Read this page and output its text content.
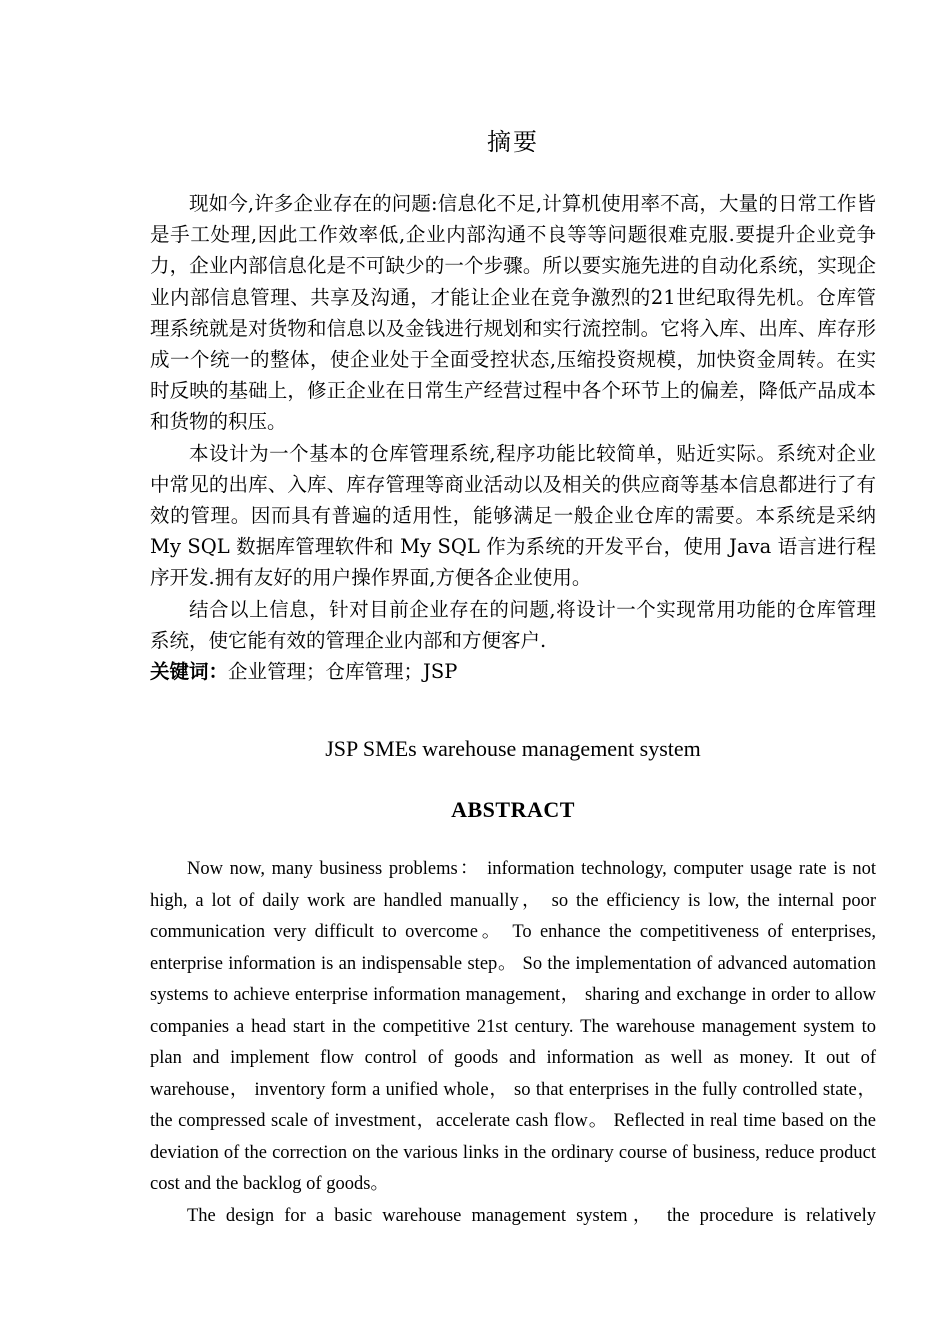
摘要

现如今,许多企业存在的问题:信息化不足,计算机使用率不高，大量的日常工作皆是手工处理,因此工作效率低,企业内部沟通不良等等问题很难克服.要提升企业竞争力，企业内部信息化是不可缺少的一个步骤。所以要实施先进的自动化系统，实现企业内部信息管理、共享及沟通，才能让企业在竞争激烈的21世纪取得先机。仓库管理系统就是对货物和信息以及金钱进行规划和实行流控制。它将入库、出库、库存形成一个统一的整体，使企业处于全面受控状态,压缩投资规模，加快资金周转。在实时反映的基础上，修正企业在日常生产经营过程中各个环节上的偏差，降低产品成本和货物的积压。

本设计为一个基本的仓库管理系统,程序功能比较简单，贴近实际。系统对企业中常见的出库、入库、库存管理等商业活动以及相关的供应商等基本信息都进行了有效的管理。因而具有普遍的适用性，能够满足一般企业仓库的需要。本系统是采纳 My SQL 数据库管理软件和 My SQL 作为系统的开发平台，使用 Java 语言进行程序开发.拥有友好的用户操作界面,方便各企业使用。

结合以上信息，针对目前企业存在的问题,将设计一个实现常用功能的仓库管理系统，使它能有效的管理企业内部和方便客户.

关键词：企业管理；仓库管理；JSP

JSP SMEs warehouse management system
ABSTRACT

Now now, many business problems： information technology, computer usage rate is not high, a lot of daily work are handled manually， so the efficiency is low, the internal poor communication very difficult to overcome。 To enhance the competitiveness of enterprises, enterprise information is an indispensable step。 So the implementation of advanced automation systems to achieve enterprise information management， sharing and exchange in order to allow companies a head start in the competitive 21st century. The warehouse management system to plan and implement flow control of goods and information as well as money. It out of warehouse， inventory form a unified whole， so that enterprises in the fully controlled state， the compressed scale of investment，accelerate cash flow。 Reflected in real time based on the deviation of the correction on the various links in the ordinary course of business, reduce product cost and the backlog of goods。

The design for a basic warehouse management system， the procedure is relatively
